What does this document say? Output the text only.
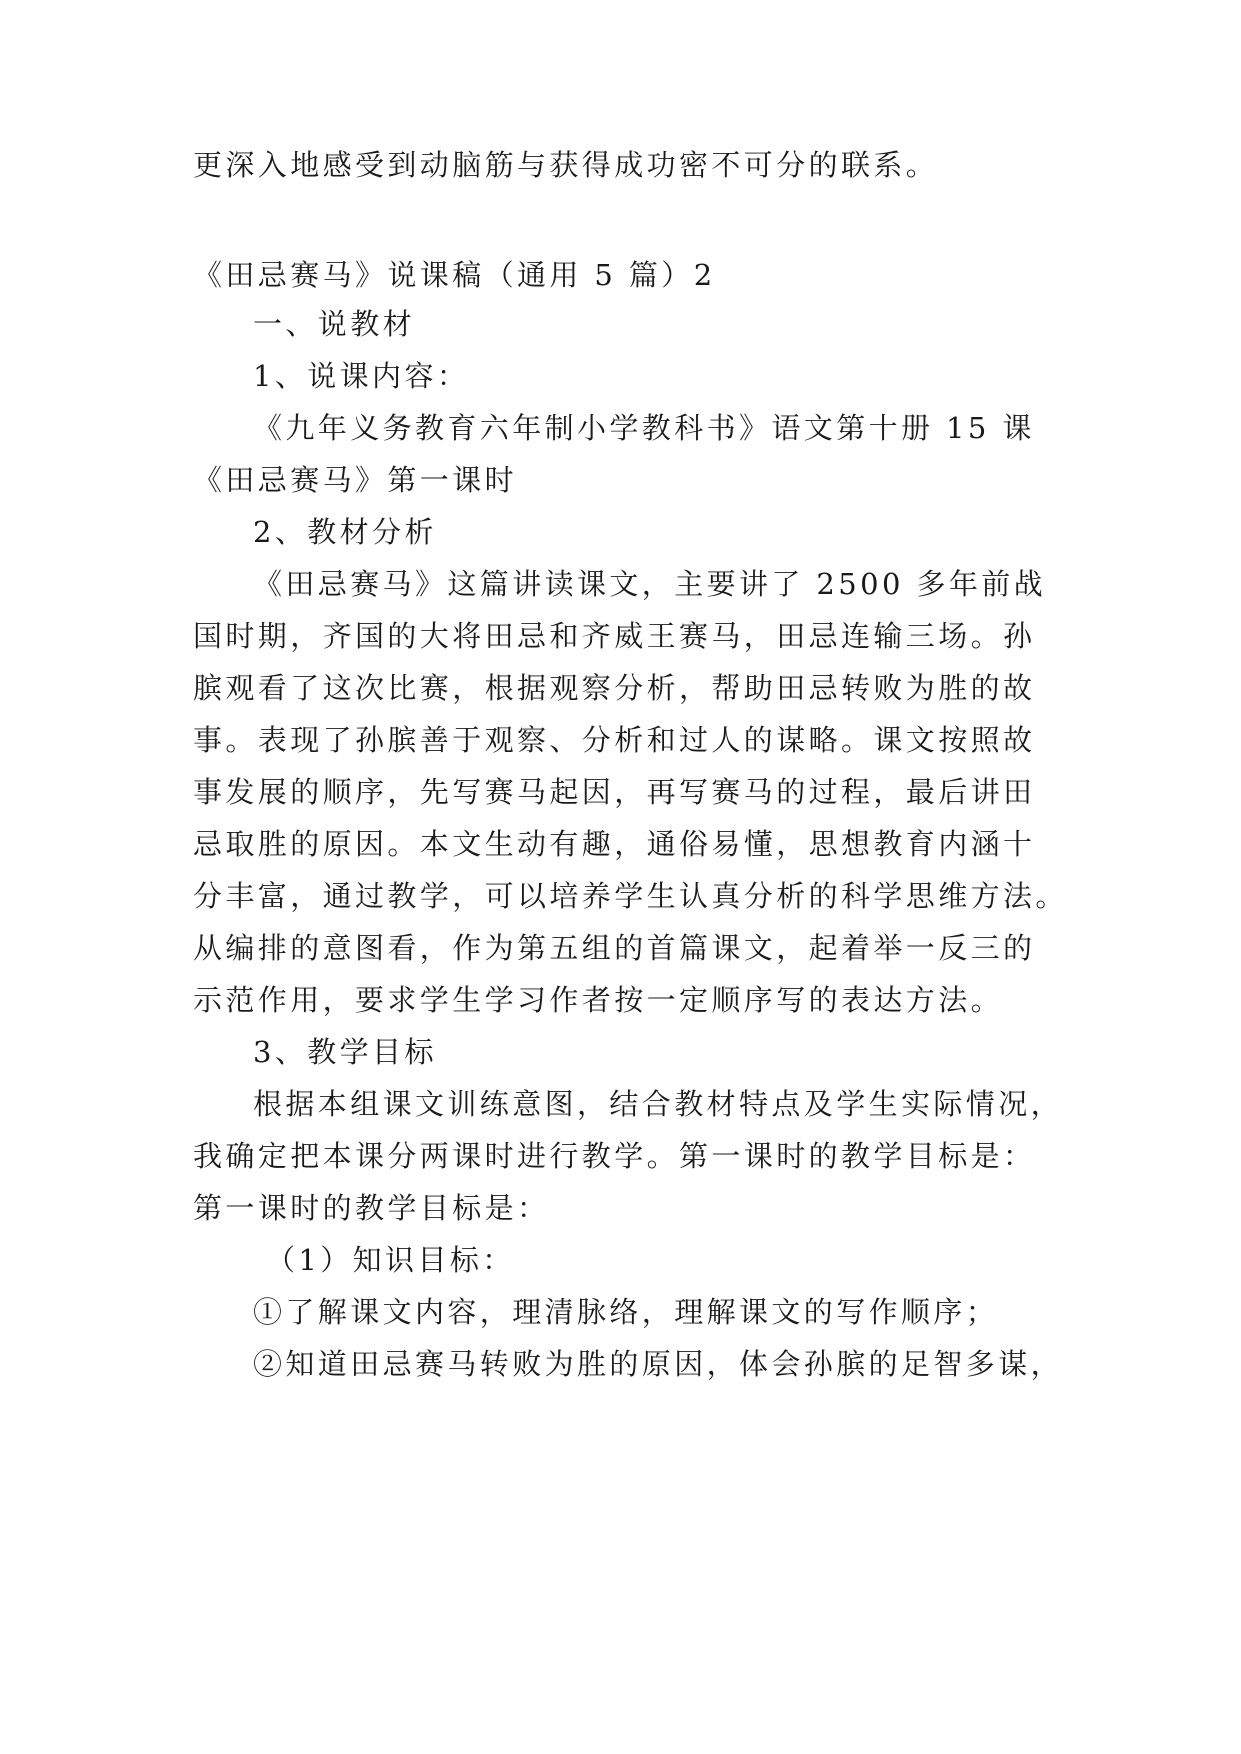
更深入地感受到动脑筋与获得成功密不可分的联系。
《田忌赛马》说课稿（通用 5 篇）2
一、说教材
1、说课内容：
《九年义务教育六年制小学教科书》语文第十册 15 课
《田忌赛马》第一课时
2、教材分析
《田忌赛马》这篇讲读课文，主要讲了 2500 多年前战
国时期，齐国的大将田忌和齐威王赛马，田忌连输三场。孙
膑观看了这次比赛，根据观察分析，帮助田忌转败为胜的故
事。表现了孙膑善于观察、分析和过人的谋略。课文按照故
事发展的顺序，先写赛马起因，再写赛马的过程，最后讲田
忌取胜的原因。本文生动有趣，通俗易懂，思想教育内涵十
分丰富，通过教学，可以培养学生认真分析的科学思维方法。
从编排的意图看，作为第五组的首篇课文，起着举一反三的
示范作用，要求学生学习作者按一定顺序写的表达方法。
3、教学目标
根据本组课文训练意图，结合教材特点及学生实际情况，
我确定把本课分两课时进行教学。第一课时的教学目标是：
第一课时的教学目标是：
（1）知识目标：
①了解课文内容，理清脉络，理解课文的写作顺序；
②知道田忌赛马转败为胜的原因，体会孙膑的足智多谋，
